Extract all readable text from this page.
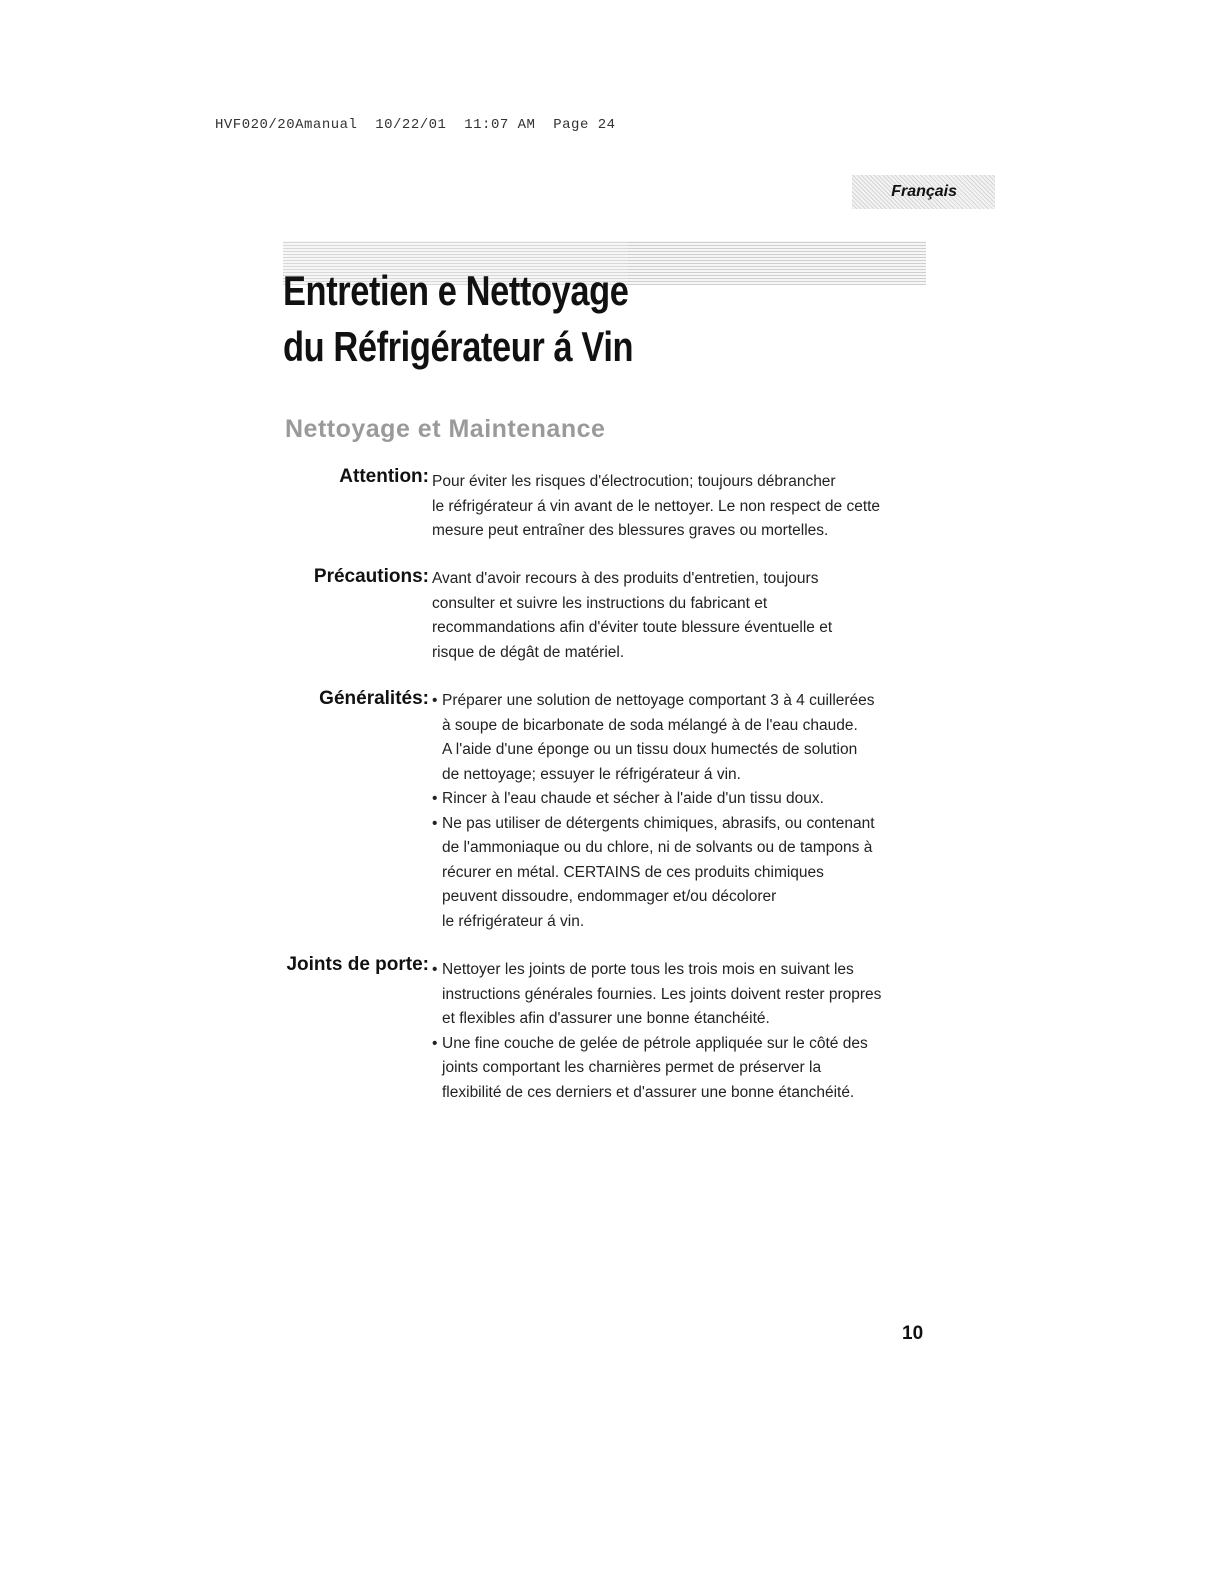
HVF020/20Amanual  10/22/01  11:07 AM  Page 24
Français
Entretien e Nettoyage
du Réfrigérateur á Vin
Nettoyage et Maintenance
Attention: Pour éviter les risques d'électrocution; toujours débrancher

le réfrigérateur á vin avant de le nettoyer. Le non respect de cette

mesure peut entraîner des blessures graves ou mortelles.

Précautions: Avant d'avoir recours à des produits d'entretien, toujours

consulter et suivre les instructions du fabricant et

recommandations afin d'éviter toute blessure éventuelle et

risque de dégât de matériel.

Généralités: • Préparer une solution de nettoyage comportant 3 à 4 cuillerées

à soupe de bicarbonate de soda mélangé à de l'eau chaude.

A l'aide d'une éponge ou un tissu doux humectés de solution

de nettoyage; essuyer le réfrigérateur á vin.

• Rincer à l'eau chaude et sécher à l'aide d'un tissu doux.

• Ne pas utiliser de détergents chimiques, abrasifs, ou contenant

de l'ammoniaque ou du chlore, ni de solvants ou de tampons à

récurer en métal. CERTAINS de ces produits chimiques

peuvent dissoudre, endommager et/ou décolorer

le réfrigérateur á vin.

Joints de porte: • Nettoyer les joints de porte tous les trois mois en suivant les

instructions générales fournies. Les joints doivent rester propres

et flexibles afin d'assurer une bonne étanchéité.

• Une fine couche de gelée de pétrole appliquée sur le côté des

joints comportant les charnières permet de préserver la

flexibilité de ces derniers et d'assurer une bonne étanchéité.

10
